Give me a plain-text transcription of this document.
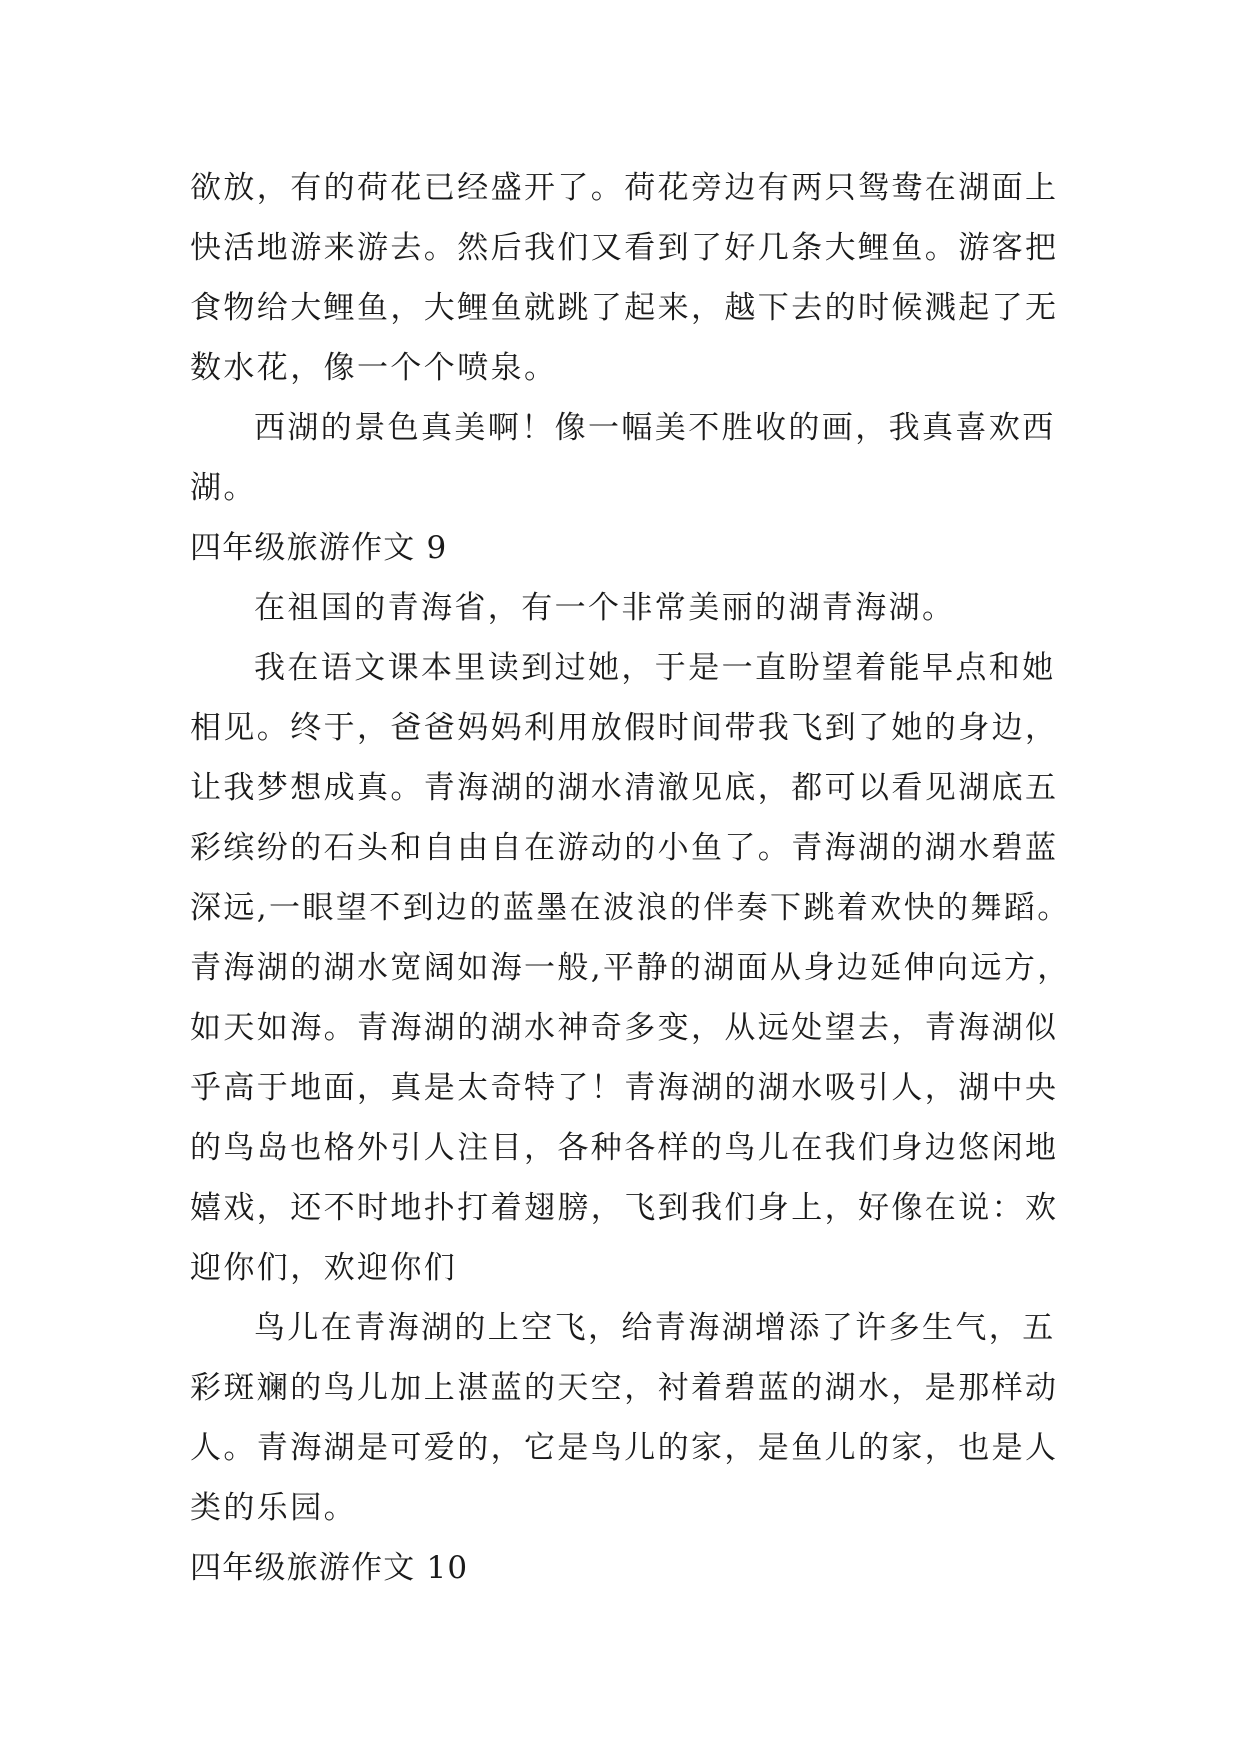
欲放，有的荷花已经盛开了。荷花旁边有两只鸳鸯在湖面上
快活地游来游去。然后我们又看到了好几条大鲤鱼。游客把
食物给大鲤鱼，大鲤鱼就跳了起来，越下去的时候溅起了无
数水花，像一个个喷泉。
西湖的景色真美啊！像一幅美不胜收的画，我真喜欢西
湖。
四年级旅游作文 9
在祖国的青海省，有一个非常美丽的湖青海湖。
我在语文课本里读到过她，于是一直盼望着能早点和她
相见。终于，爸爸妈妈利用放假时间带我飞到了她的身边，
让我梦想成真。青海湖的湖水清澈见底，都可以看见湖底五
彩缤纷的石头和自由自在游动的小鱼了。青海湖的湖水碧蓝
深远,一眼望不到边的蓝墨在波浪的伴奏下跳着欢快的舞蹈。
青海湖的湖水宽阔如海一般,平静的湖面从身边延伸向远方，
如天如海。青海湖的湖水神奇多变，从远处望去，青海湖似
乎高于地面，真是太奇特了！青海湖的湖水吸引人，湖中央
的鸟岛也格外引人注目，各种各样的鸟儿在我们身边悠闲地
嬉戏，还不时地扑打着翅膀，飞到我们身上，好像在说：欢
迎你们，欢迎你们
鸟儿在青海湖的上空飞，给青海湖增添了许多生气，五
彩斑斓的鸟儿加上湛蓝的天空，衬着碧蓝的湖水，是那样动
人。青海湖是可爱的，它是鸟儿的家，是鱼儿的家，也是人
类的乐园。
四年级旅游作文 10
